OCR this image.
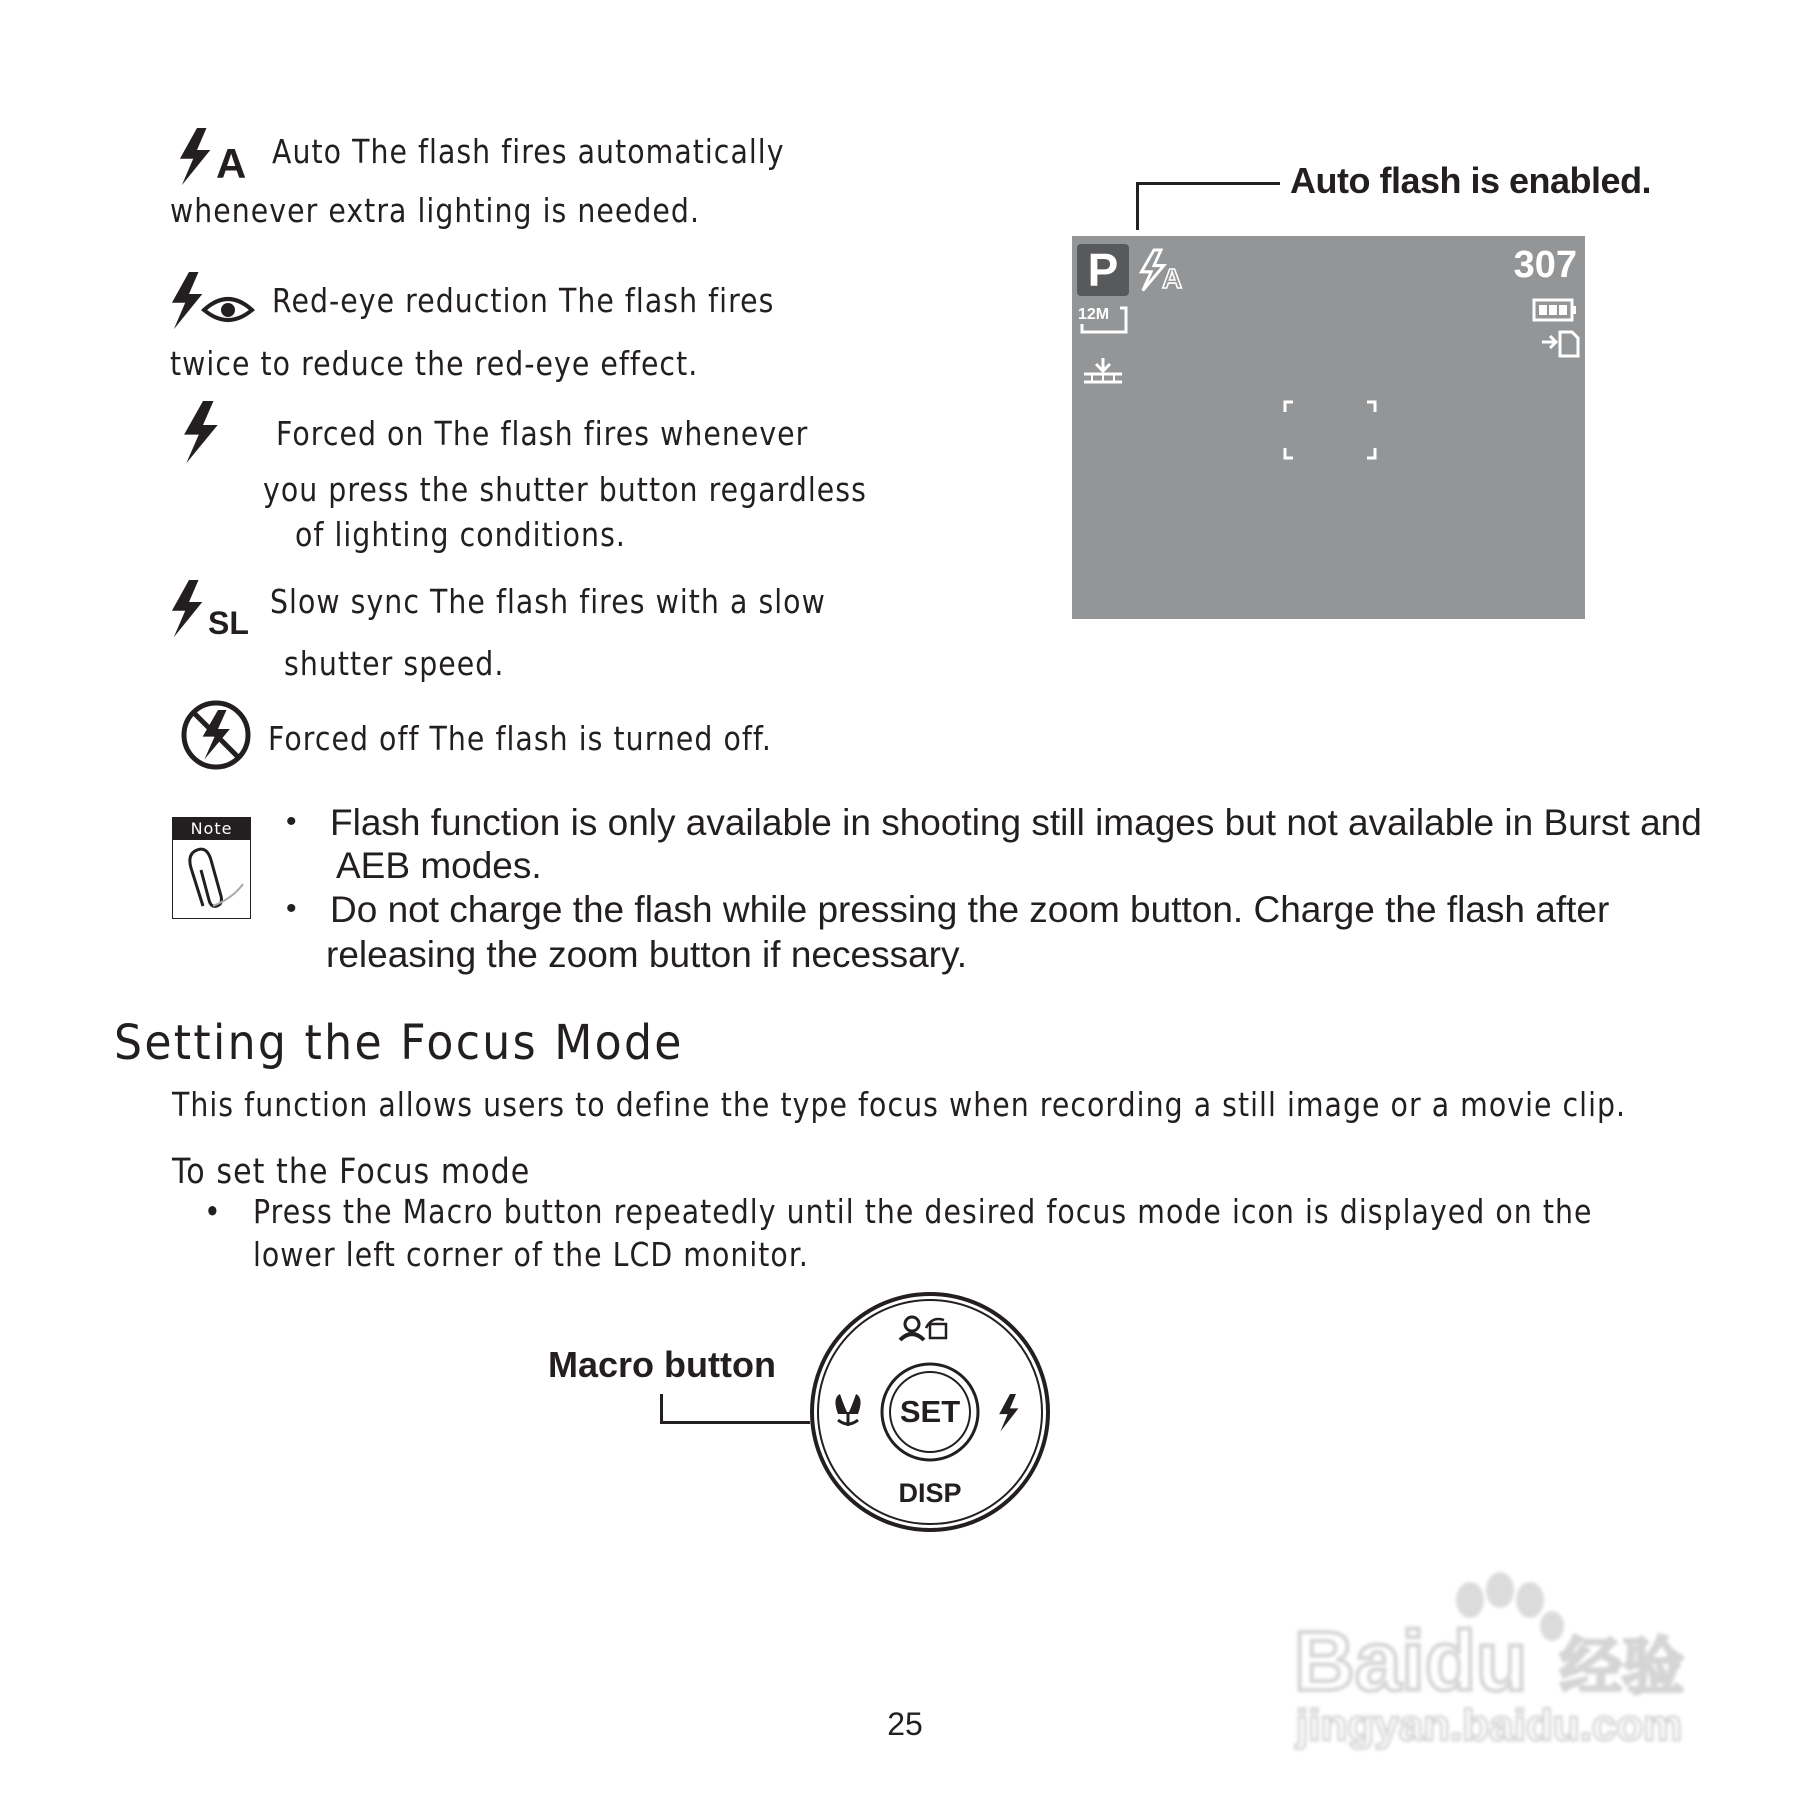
A Auto The flash fires automatically
whenever extra lighting is needed.
Red-eye reduction The flash fires
twice to reduce the red-eye effect.
Forced on The flash fires whenever
you press the shutter button regardless
of lighting conditions.
SL
Slow sync The flash fires with a slow
shutter speed.
Forced off The flash is turned off.
Auto flash is enabled.
P	A	307
12M
Note	• Flash function is only available in shooting still images but not available in Burst and
AEB modes.
• Do not charge the flash while pressing the zoom button. Charge the flash after
releasing the zoom button if necessary.
Setting the Focus Mode
This function allows users to define the type focus when recording a still image or a movie clip.
To set the Focus mode
• Press the Macro button repeatedly until the desired focus mode icon is displayed on the
lower left corner of the LCD monitor.
Macro button
SET
DISP
25
Baidu 经验
jingyan.baidu.com
